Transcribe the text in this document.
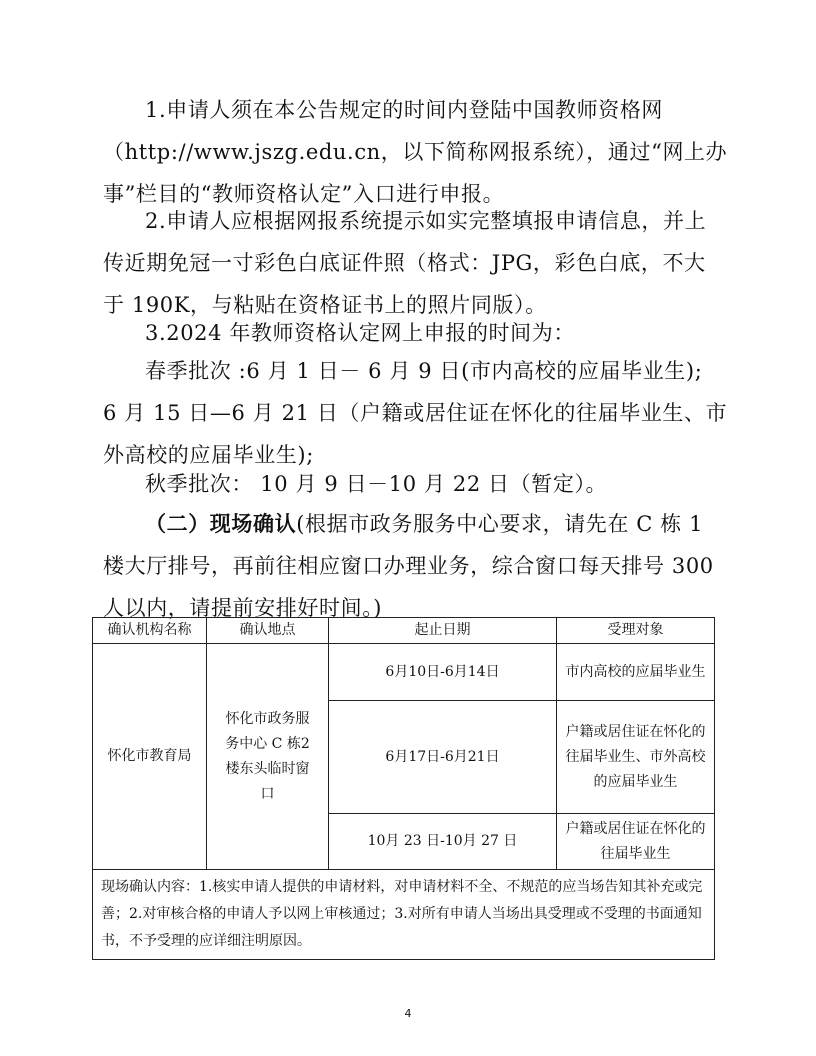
1.申请人须在本公告规定的时间内登陆中国教师资格网
（http://www.jszg.edu.cn，以下简称网报系统），通过“网上办
事”栏目的“教师资格认定”入口进行申报。

2.申请人应根据网报系统提示如实完整填报申请信息，并上
传近期免冠一寸彩色白底证件照（格式：JPG，彩色白底，不大
于 190K，与粘贴在资格证书上的照片同版）。

3.2024 年教师资格认定网上申报的时间为：

春季批次 :6 月 1 日－ 6 月 9 日(市内高校的应届毕业生);
6 月 15 日—6 月 21 日（户籍或居住证在怀化的往届毕业生、市
外高校的应届毕业生);

秋季批次： 10 月 9 日－10 月 22 日（暂定）。

（二）现场确认(根据市政务服务中心要求，请先在 C 栋 1
楼大厅排号，再前往相应窗口办理业务，综合窗口每天排号 300
人以内，请提前安排好时间。)

确认机构名称	确认地点	起止日期	受理对象
怀化市教育局	怀化市政务服务中心 C 栋2楼东头临时窗口	6月10日-6月14日	市内高校的应届毕业生
		6月17日-6月21日	户籍或居住证在怀化的往届毕业生、市外高校的应届毕业生
		10月 23 日-10月 27 日	户籍或居住证在怀化的往届毕业生
现场确认内容：1.核实申请人提供的申请材料，对申请材料不全、不规范的应当场告知其补充或完善；2.对审核合格的申请人予以网上审核通过；3.对所有申请人当场出具受理或不受理的书面通知书，不予受理的应详细注明原因。			
4
